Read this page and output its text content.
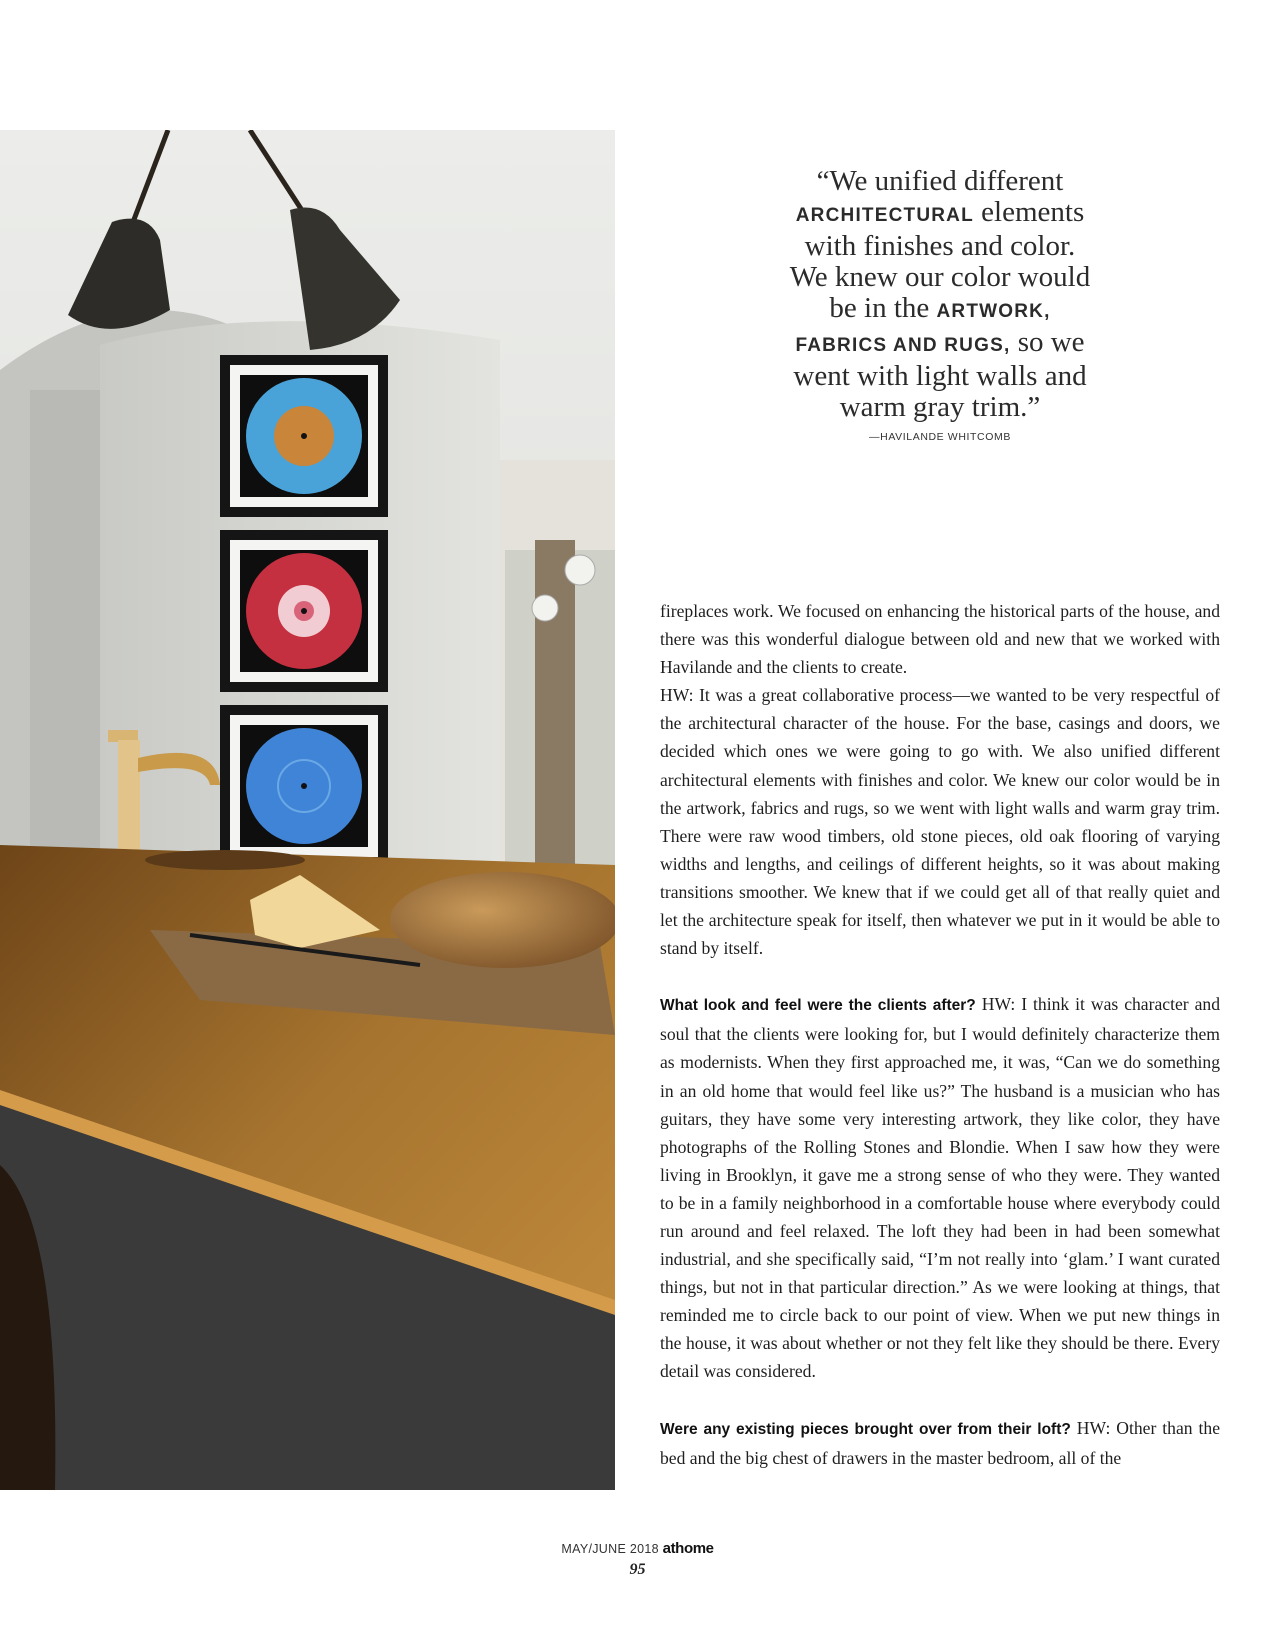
“We unified different
ARCHITECTURAL elements
with finishes and color.
We knew our color would
be in the ARTWORK,
FABRICS AND RUGS, so we
went with light walls and
warm gray trim.”
—HAVILANDE WHITCOMB

fireplaces work. We focused on enhancing the historical parts of the house, and there was this wonderful dialogue between old and new that we worked with Havilande and the clients to create.

HW: It was a great collaborative process—we wanted to be very respectful of the architectural character of the house. For the base, casings and doors, we decided which ones we were going to go with. We also unified different architectural elements with finishes and color. We knew our color would be in the artwork, fabrics and rugs, so we went with light walls and warm gray trim. There were raw wood timbers, old stone pieces, old oak flooring of varying widths and lengths, and ceilings of different heights, so it was about making transitions smoother. We knew that if we could get all of that really quiet and let the architecture speak for itself, then whatever we put in it would be able to stand by itself.

What look and feel were the clients after? HW: I think it was character and soul that the clients were looking for, but I would definitely characterize them as modernists. When they first approached me, it was, “Can we do something in an old home that would feel like us?” The husband is a musician who has guitars, they have some very interesting artwork, they like color, they have photographs of the Rolling Stones and Blondie. When I saw how they were living in Brooklyn, it gave me a strong sense of who they were. They wanted to be in a family neighborhood in a comfortable house where everybody could run around and feel relaxed. The loft they had been in had been somewhat industrial, and she specifically said, “I’m not really into ‘glam.’ I want curated things, but not in that particular direction.” As we were looking at things, that reminded me to circle back to our point of view. When we put new things in the house, it was about whether or not they felt like they should be there. Every detail was considered.

Were any existing pieces brought over from their loft? HW: Other than the bed and the big chest of drawers in the master bedroom, all of the

MAY/JUNE 2018 athome
95
